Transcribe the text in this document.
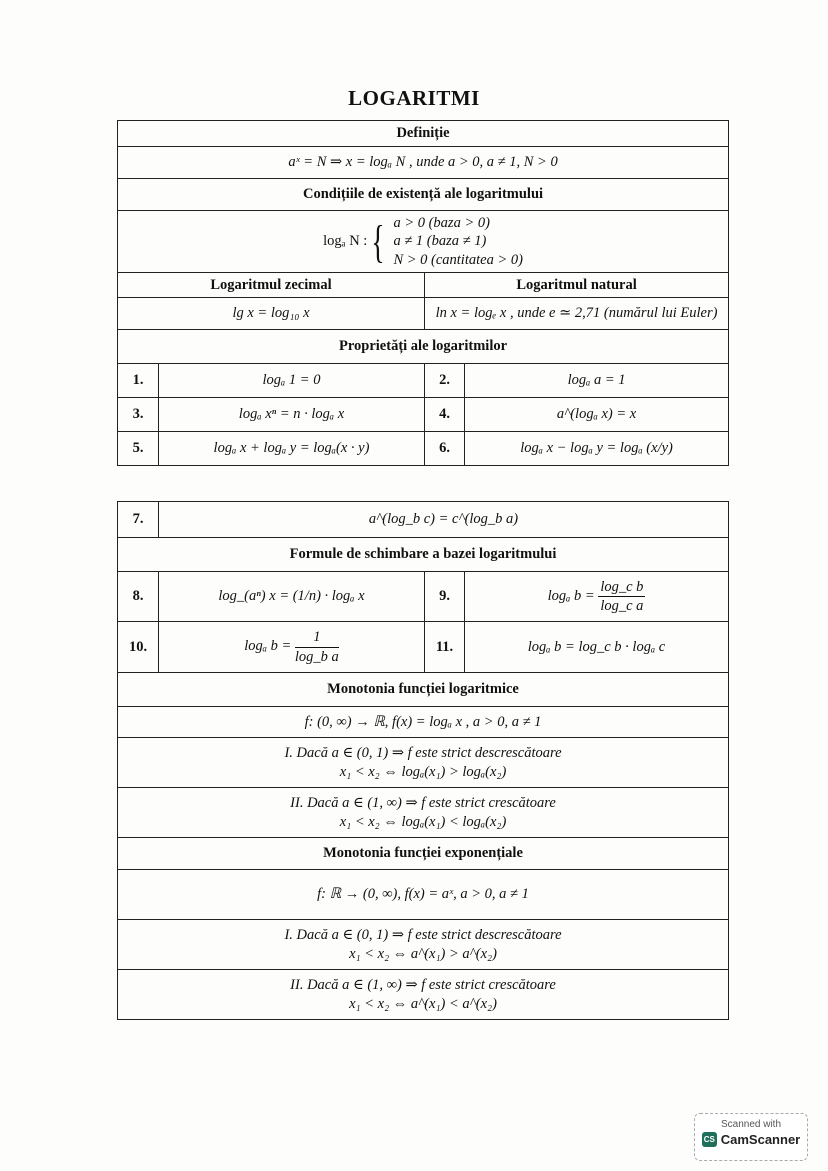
LOGARITMI
Definiție			
aˣ = N ⇒ x = logₐ N , unde a > 0, a ≠ 1, N > 0			
Condițiile de existență ale logaritmului			

logₐ N : { a > 0 (baza > 0)
a ≠ 1 (baza ≠ 1)
N > 0 (cantitatea > 0)			

Logaritmul zecimal		Logaritmul natural	
lg x = log₁₀ x		ln x = logₑ x , unde e ≃ 2,71 (numărul lui Euler)	
Proprietăți ale logaritmilor			
1.	logₐ 1 = 0	2.	logₐ a = 1
3.	logₐ xⁿ = n · logₐ x	4.	a^(logₐ x) = x
5.	logₐ x + logₐ y = logₐ(x · y)	6.	logₐ x − logₐ y = logₐ (x/y)
7.	a^(log_b c) = c^(log_b a)		
Formule de schimbare a bazei logaritmului			
8.	log_(aⁿ) x = (1/n) · logₐ x	9.	logₐ $b = \frac{\text{log\_c b}}{\text{log\_c a}}$

10.	logₐ $b = \frac{1}{\text{log\_b a}}$	11.	logₐ b = log_c b · logₐ c
Monotonia funcției logaritmice			
f: (0, ∞) → ℝ, f(x) = logₐ x , a > 0, a ≠ 1			

I. Dacă a ∈ (0, 1) ⇒ f este strict descrescătoare
x₁ < x₂ ⇔ logₐ(x₁) > logₐ(x₂)			

II. Dacă a ∈ (1, ∞) ⇒ f este strict crescătoare
x₁ < x₂ ⇔ logₐ(x₁) < logₐ(x₂)			

Monotonia funcției exponențiale			
f: ℝ → (0, ∞), f(x) = aˣ, a > 0, a ≠ 1			

I. Dacă a ∈ (0, 1) ⇒ f este strict descrescătoare
x₁ < x₂ ⇔ a^(x₁) > a^(x₂)			

II. Dacă a ∈ (1, ∞) ⇒ f este strict crescătoare
x₁ < x₂ ⇔ a^(x₁) < a^(x₂)			
Scanned with
CS CamScanner
